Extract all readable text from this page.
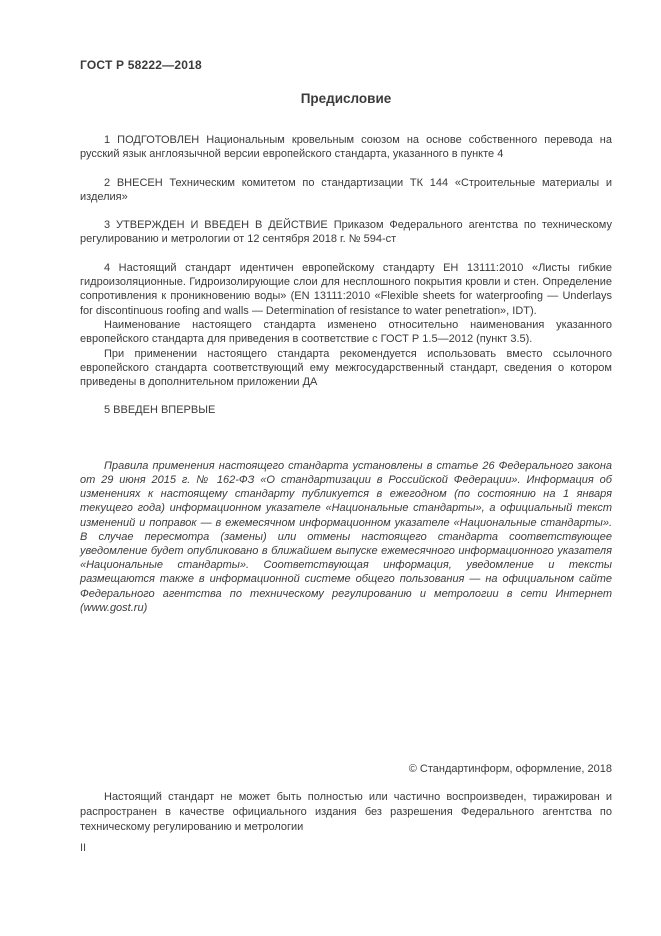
ГОСТ Р 58222—2018
Предисловие

1 ПОДГОТОВЛЕН Национальным кровельным союзом на основе собственного перевода на русский язык англоязычной версии европейского стандарта, указанного в пункте 4

2 ВНЕСЕН Техническим комитетом по стандартизации ТК 144 «Строительные материалы и изделия»

3 УТВЕРЖДЕН И ВВЕДЕН В ДЕЙСТВИЕ Приказом Федерального агентства по техническому регулированию и метрологии от 12 сентября 2018 г. № 594-ст

4 Настоящий стандарт идентичен европейскому стандарту ЕН 13111:2010 «Листы гибкие гидроизоляционные. Гидроизолирующие слои для несплошного покрытия кровли и стен. Определение сопротивления к проникновению воды» (EN 13111:2010 «Flexible sheets for waterproofing — Underlays for discontinuous roofing and walls — Determination of resistance to water penetration», IDT).

Наименование настоящего стандарта изменено относительно наименования указанного европейского стандарта для приведения в соответствие с ГОСТ Р 1.5—2012 (пункт 3.5).

При применении настоящего стандарта рекомендуется использовать вместо ссылочного европейского стандарта соответствующий ему межгосударственный стандарт, сведения о котором приведены в дополнительном приложении ДА

5 ВВЕДЕН ВПЕРВЫЕ

Правила применения настоящего стандарта установлены в статье 26 Федерального закона от 29 июня 2015 г. № 162-ФЗ «О стандартизации в Российской Федерации». Информация об изменениях к настоящему стандарту публикуется в ежегодном (по состоянию на 1 января текущего года) информационном указателе «Национальные стандарты», а официальный текст изменений и поправок — в ежемесячном информационном указателе «Национальные стандарты». В случае пересмотра (замены) или отмены настоящего стандарта соответствующее уведомление будет опубликовано в ближайшем выпуске ежемесячного информационного указателя «Национальные стандарты». Соответствующая информация, уведомление и тексты размещаются также в информационной системе общего пользования — на официальном сайте Федерального агентства по техническому регулированию и метрологии в сети Интернет (www.gost.ru)

© Стандартинформ, оформление, 2018

Настоящий стандарт не может быть полностью или частично воспроизведен, тиражирован и распространен в качестве официального издания без разрешения Федерального агентства по техническому регулированию и метрологии

II
